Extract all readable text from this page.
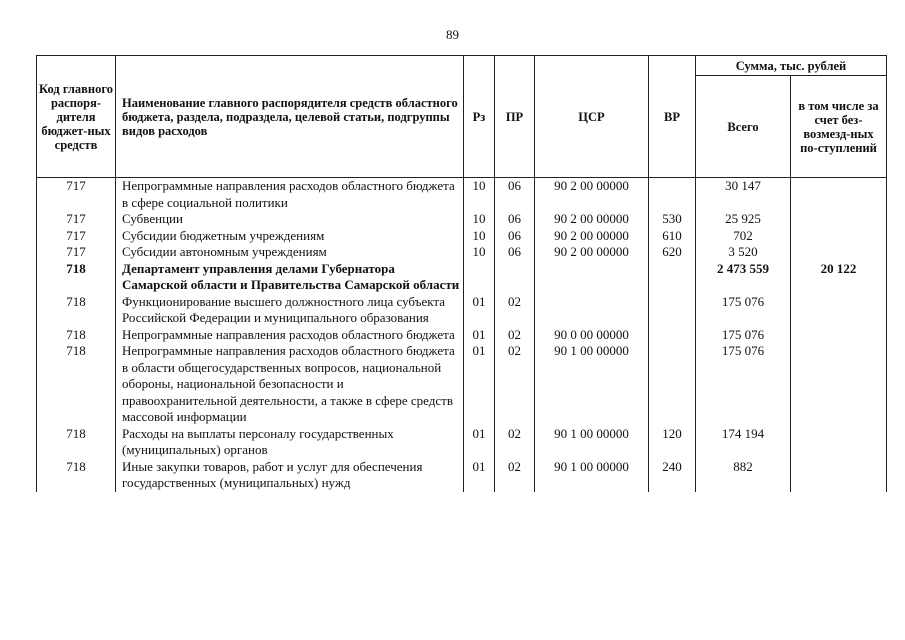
89
Код главного распоря-дителя бюджет-ных средств	Наименование главного распорядителя средств областного бюджета, раздела, подраздела, целевой статьи, подгруппы видов расходов	Рз	ПР	ЦСР	ВР	Сумма, тыс. рублей	
						Всего	в том числе за счет без-возмезд-ных по-ступлений
717	Непрограммные направления расходов областного бюджета в сфере социальной политики	10	06	90 2 00 00000		30 147	
717	Субвенции	10	06	90 2 00 00000	530	25 925	
717	Субсидии бюджетным учреждениям	10	06	90 2 00 00000	610	702	
717	Субсидии автономным учреждениям	10	06	90 2 00 00000	620	3 520	
718	Департамент управления делами Губернатора Самарской области и Правительства Самарской области					2 473 559	20 122
718	Функционирование высшего должностного лица субъекта Российской Федерации и муниципального образования	01	02			175 076	
718	Непрограммные направления расходов областного бюджета	01	02	90 0 00 00000		175 076	
718	Непрограммные направления расходов областного бюджета в области общегосударственных вопросов, национальной обороны, национальной безопасности и правоохранительной деятельности, а также в сфере средств массовой информации	01	02	90 1 00 00000		175 076	
718	Расходы на выплаты персоналу государственных (муниципальных) органов	01	02	90 1 00 00000	120	174 194	
718	Иные закупки товаров, работ и услуг для обеспечения государственных (муниципальных) нужд	01	02	90 1 00 00000	240	882	
